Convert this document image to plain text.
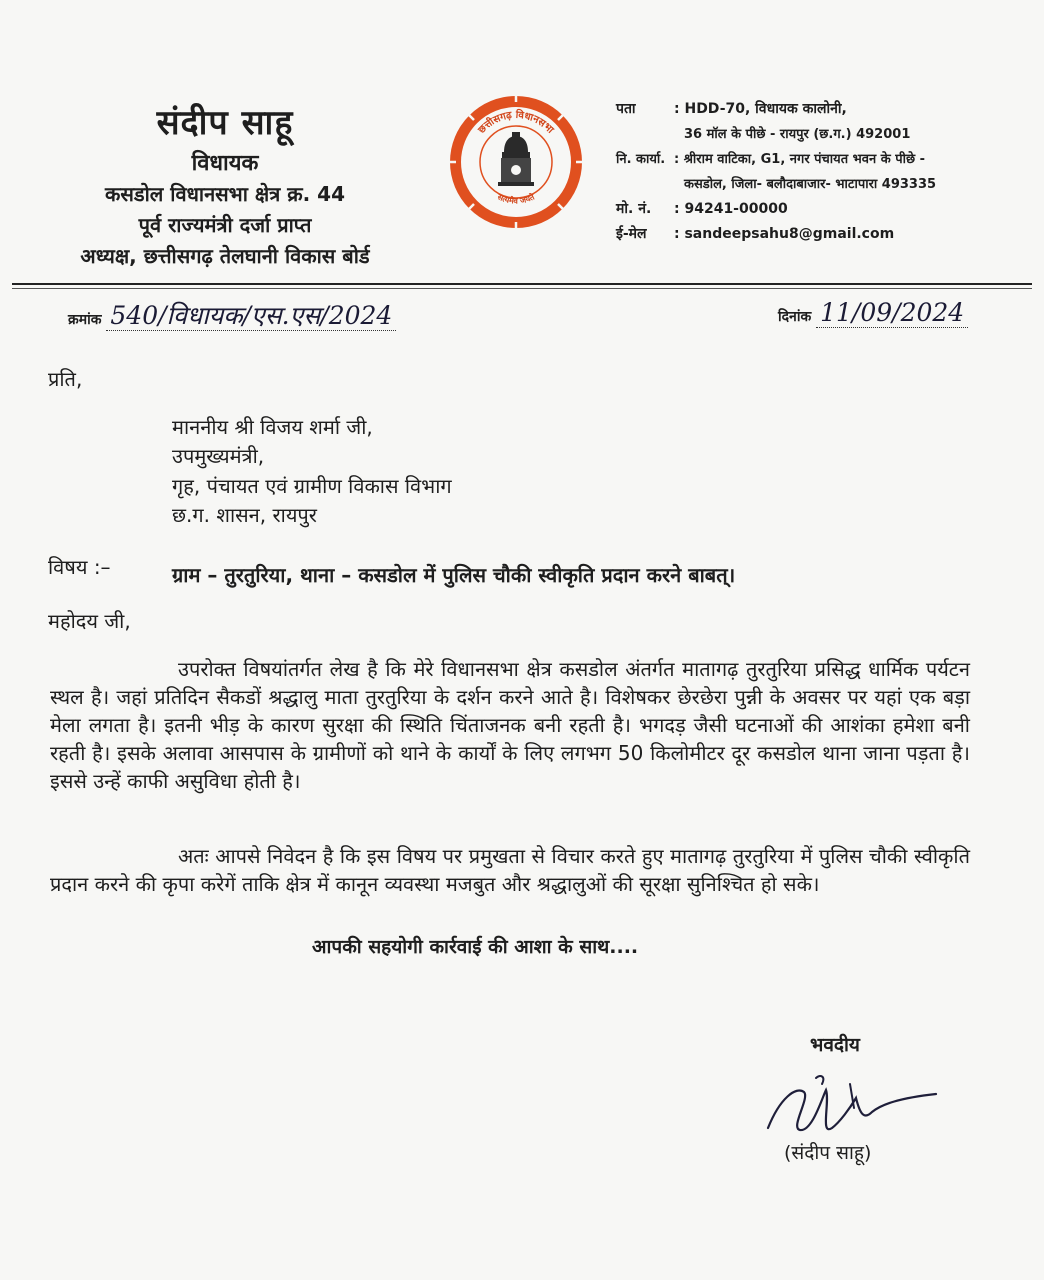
संदीप साहू
विधायक
कसडोल विधानसभा क्षेत्र क्र. 44
पूर्व राज्यमंत्री दर्जा प्राप्त
अध्यक्ष, छत्तीसगढ़ तेलघानी विकास बोर्ड
छत्तीसगढ़ विधानसभा
सत्यमेव जयते
पता	: HDD-70, विधायक कालोनी,
36 मॉल के पीछे - रायपुर (छ.ग.) 492001
नि. कार्या. : श्रीराम वाटिका, G1, नगर पंचायत भवन के पीछे -
कसडोल, जिला- बलौदाबाजार- भाटापारा 493335
मो. नं.	: 94241-00000
ई-मेल	: sandeepsahu8@gmail.com
क्रमांक 540/विधायक/एस.एस/2024	दिनांक 11/09/2024
प्रति,
माननीय श्री विजय शर्मा जी,
उपमुख्यमंत्री,
गृह, पंचायत एवं ग्रामीण विकास विभाग
छ.ग. शासन, रायपुर
विषय :–	ग्राम – तुरतुरिया, थाना – कसडोल में पुलिस चौकी स्वीकृति प्रदान करने बाबत्।
महोदय जी,
उपरोक्त विषयांतर्गत लेख है कि मेरे विधानसभा क्षेत्र कसडोल अंतर्गत मातागढ़ तुरतुरिया प्रसिद्ध धार्मिक पर्यटन स्थल है। जहां प्रतिदिन सैकडों श्रद्धालु माता तुरतुरिया के दर्शन करने आते है। विशेषकर छेरछेरा पुन्नी के अवसर पर यहां एक बड़ा मेला लगता है। इतनी भीड़ के कारण सुरक्षा की स्थिति चिंताजनक बनी रहती है। भगदड़ जैसी घटनाओं की आशंका हमेशा बनी रहती है। इसके अलावा आसपास के ग्रामीणों को थाने के कार्यों के लिए लगभग 50 किलोमीटर दूर कसडोल थाना जाना पड़ता है। इससे उन्हें काफी असुविधा होती है।
अतः आपसे निवेदन है कि इस विषय पर प्रमुखता से विचार करते हुए मातागढ़ तुरतुरिया में पुलिस चौकी स्वीकृति प्रदान करने की कृपा करेगें ताकि क्षेत्र में कानून व्यवस्था मजबुत और श्रद्धालुओं की सूरक्षा सुनिश्चित हो सके।
आपकी सहयोगी कार्रवाई की आशा के साथ....
भवदीय
(संदीप साहू)
